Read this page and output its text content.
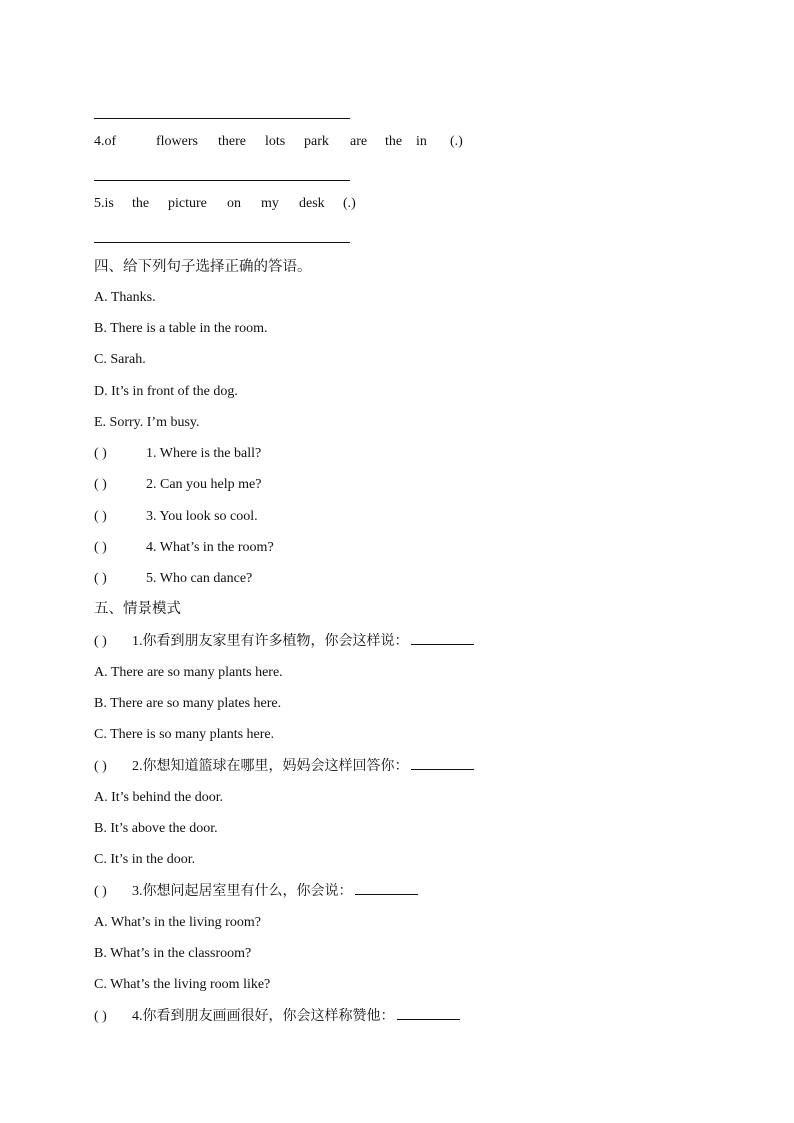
4.of	flowers there lots park are the in (.)
5.is the picture on my desk (.)
四、给下列句子选择正确的答语。
A. Thanks.
B. There is a table in the room.
C. Sarah.
D. It’s in front of the dog.
E. Sorry. I’m busy.
( )	1. Where is the ball?
( )	2. Can you help me?
( )	3. You look so cool.
( )	4. What’s in the room?
( )	5. Who can dance?
五、情景模式
( ) 1.你看到朋友家里有许多植物，你会这样说：
A. There are so many plants here.
B. There are so many plates here.
C. There is so many plants here.
( ) 2.你想知道篮球在哪里，妈妈会这样回答你：
A. It’s behind the door.
B. It’s above the door.
C. It’s in the door.
( ) 3.你想问起居室里有什么，你会说：
A. What’s in the living room?
B. What’s in the classroom?
C. What’s the living room like?
( ) 4.你看到朋友画画很好，你会这样称赞他：
